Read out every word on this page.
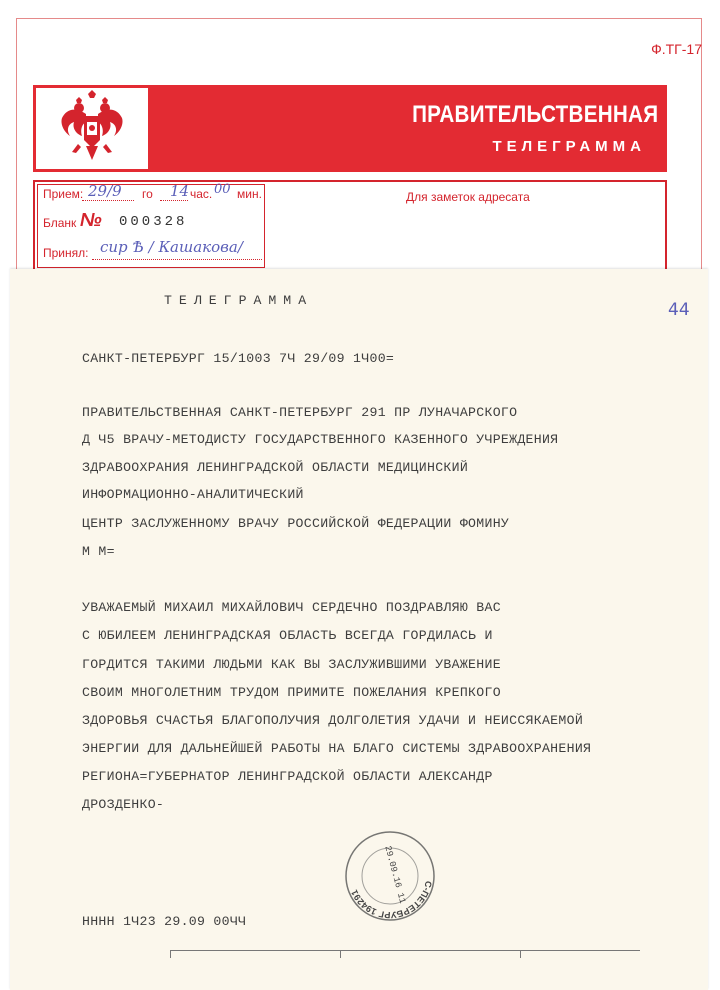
Ф.ТГ-17
ПРАВИТЕЛЬСТВЕННАЯ
ТЕЛЕГРАММА
Прием: 29/9 го 14 час. 00 мин.
Бланк № 000328
Принял: сир Ѣ / Кашакова/
Для заметок адресата
44
ТЕЛЕГРАММА
САНКТ-ПЕТЕРБУРГ 15/1003 7Ч 29/09 1Ч00=
ПРАВИТЕЛЬСТВЕННАЯ САНКТ-ПЕТЕРБУРГ 291 ПР ЛУНАЧАРСКОГО
Д Ч5 ВРАЧУ-МЕТОДИСТУ ГОСУДАРСТВЕННОГО КАЗЕННОГО УЧРЕЖДЕНИЯ
ЗДРАВООХРАНИЯ ЛЕНИНГРАДСКОЙ ОБЛАСТИ МЕДИЦИНСКИЙ
ИНФОРМАЦИОННО-АНАЛИТИЧЕСКИЙ
ЦЕНТР ЗАСЛУЖЕННОМУ ВРАЧУ РОССИЙСКОЙ ФЕДЕРАЦИИ ФОМИНУ
М М=
УВАЖАЕМЫЙ МИХАИЛ МИХАЙЛОВИЧ СЕРДЕЧНО ПОЗДРАВЛЯЮ ВАС
С ЮБИЛЕЕМ ЛЕНИНГРАДСКАЯ ОБЛАСТЬ ВСЕГДА ГОРДИЛАСЬ И
ГОРДИТСЯ ТАКИМИ ЛЮДЬМИ КАК ВЫ ЗАСЛУЖИВШИМИ УВАЖЕНИЕ
СВОИМ МНОГОЛЕТНИМ ТРУДОМ ПРИМИТЕ ПОЖЕЛАНИЯ КРЕПКОГО
ЗДОРОВЬЯ СЧАСТЬЯ БЛАГОПОЛУЧИЯ ДОЛГОЛЕТИЯ УДАЧИ И НЕИССЯКАЕМОЙ
ЭНЕРГИИ ДЛЯ ДАЛЬНЕЙШЕЙ РАБОТЫ НА БЛАГО СИСТЕМЫ ЗДРАВООХРАНЕНИЯ
РЕГИОНА=ГУБЕРНАТОР ЛЕНИНГРАДСКОЙ ОБЛАСТИ АЛЕКСАНДР
ДРОЗДЕНКО-
НННН 1Ч23 29.09 00ЧЧ
С-ПЕТЕРБУРГ 194291	29.09.16 11
